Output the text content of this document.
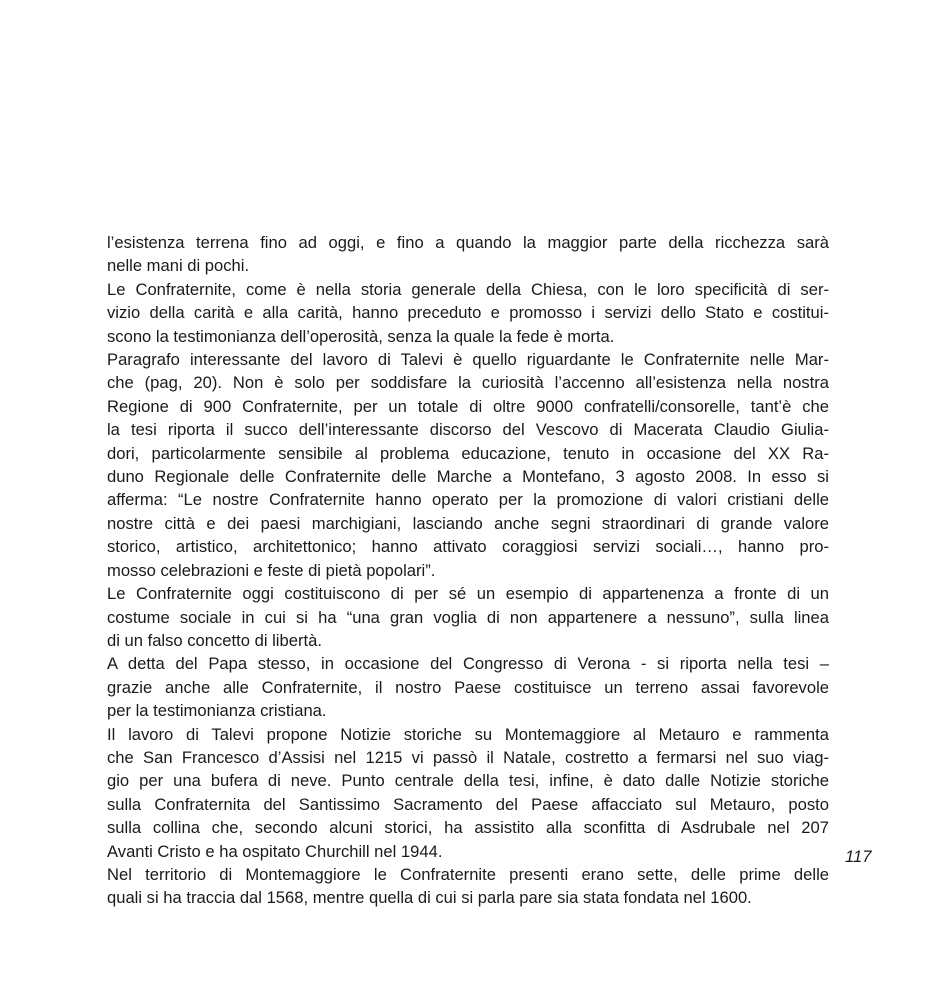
l’esistenza terrena fino ad oggi, e fino a quando la maggior parte della ricchezza sarà
nelle mani di pochi.

Le Confraternite, come è nella storia generale della Chiesa, con le loro specificità di ser-
vizio della carità e alla carità, hanno preceduto e promosso i servizi dello Stato e costitui-
scono la testimonianza dell’operosità, senza la quale la fede è morta.

Paragrafo interessante del lavoro di Talevi è quello riguardante le Confraternite nelle Mar-
che (pag, 20). Non è solo per soddisfare la curiosità l’accenno all’esistenza nella nostra
Regione di 900 Confraternite, per un totale di oltre 9000 confratelli/consorelle, tant’è che
la tesi riporta il succo dell’interessante discorso del Vescovo di Macerata Claudio Giulia-
dori, particolarmente sensibile al problema educazione, tenuto in occasione del XX Ra-
duno Regionale delle Confraternite delle Marche a Montefano, 3 agosto 2008. In esso si
afferma: “Le nostre Confraternite hanno operato per la promozione di valori cristiani delle
nostre città e dei paesi marchigiani, lasciando anche segni straordinari di grande valore
storico, artistico, architettonico; hanno attivato coraggiosi servizi sociali…, hanno pro-
mosso celebrazioni e feste di pietà popolari”.

Le Confraternite oggi costituiscono di per sé un esempio di appartenenza a fronte di un
costume sociale in cui si ha “una gran voglia di non appartenere a nessuno”, sulla linea
di un falso concetto di libertà.

A detta del Papa stesso, in occasione del Congresso di Verona - si riporta nella tesi –
grazie anche alle Confraternite, il nostro Paese costituisce un terreno assai favorevole
per la testimonianza cristiana.

Il lavoro di Talevi propone Notizie storiche su Montemaggiore al Metauro e rammenta
che San Francesco d’Assisi nel 1215 vi passò il Natale, costretto a fermarsi nel suo viag-
gio per una bufera di neve. Punto centrale della tesi, infine, è dato dalle Notizie storiche
sulla Confraternita del Santissimo Sacramento del Paese affacciato sul Metauro, posto
sulla collina che, secondo alcuni storici, ha assistito alla sconfitta di Asdrubale nel 207
Avanti Cristo e ha ospitato Churchill nel 1944.

Nel territorio di Montemaggiore le Confraternite presenti erano sette, delle prime delle
quali si ha traccia dal 1568, mentre quella di cui si parla pare sia stata fondata nel 1600.

117
